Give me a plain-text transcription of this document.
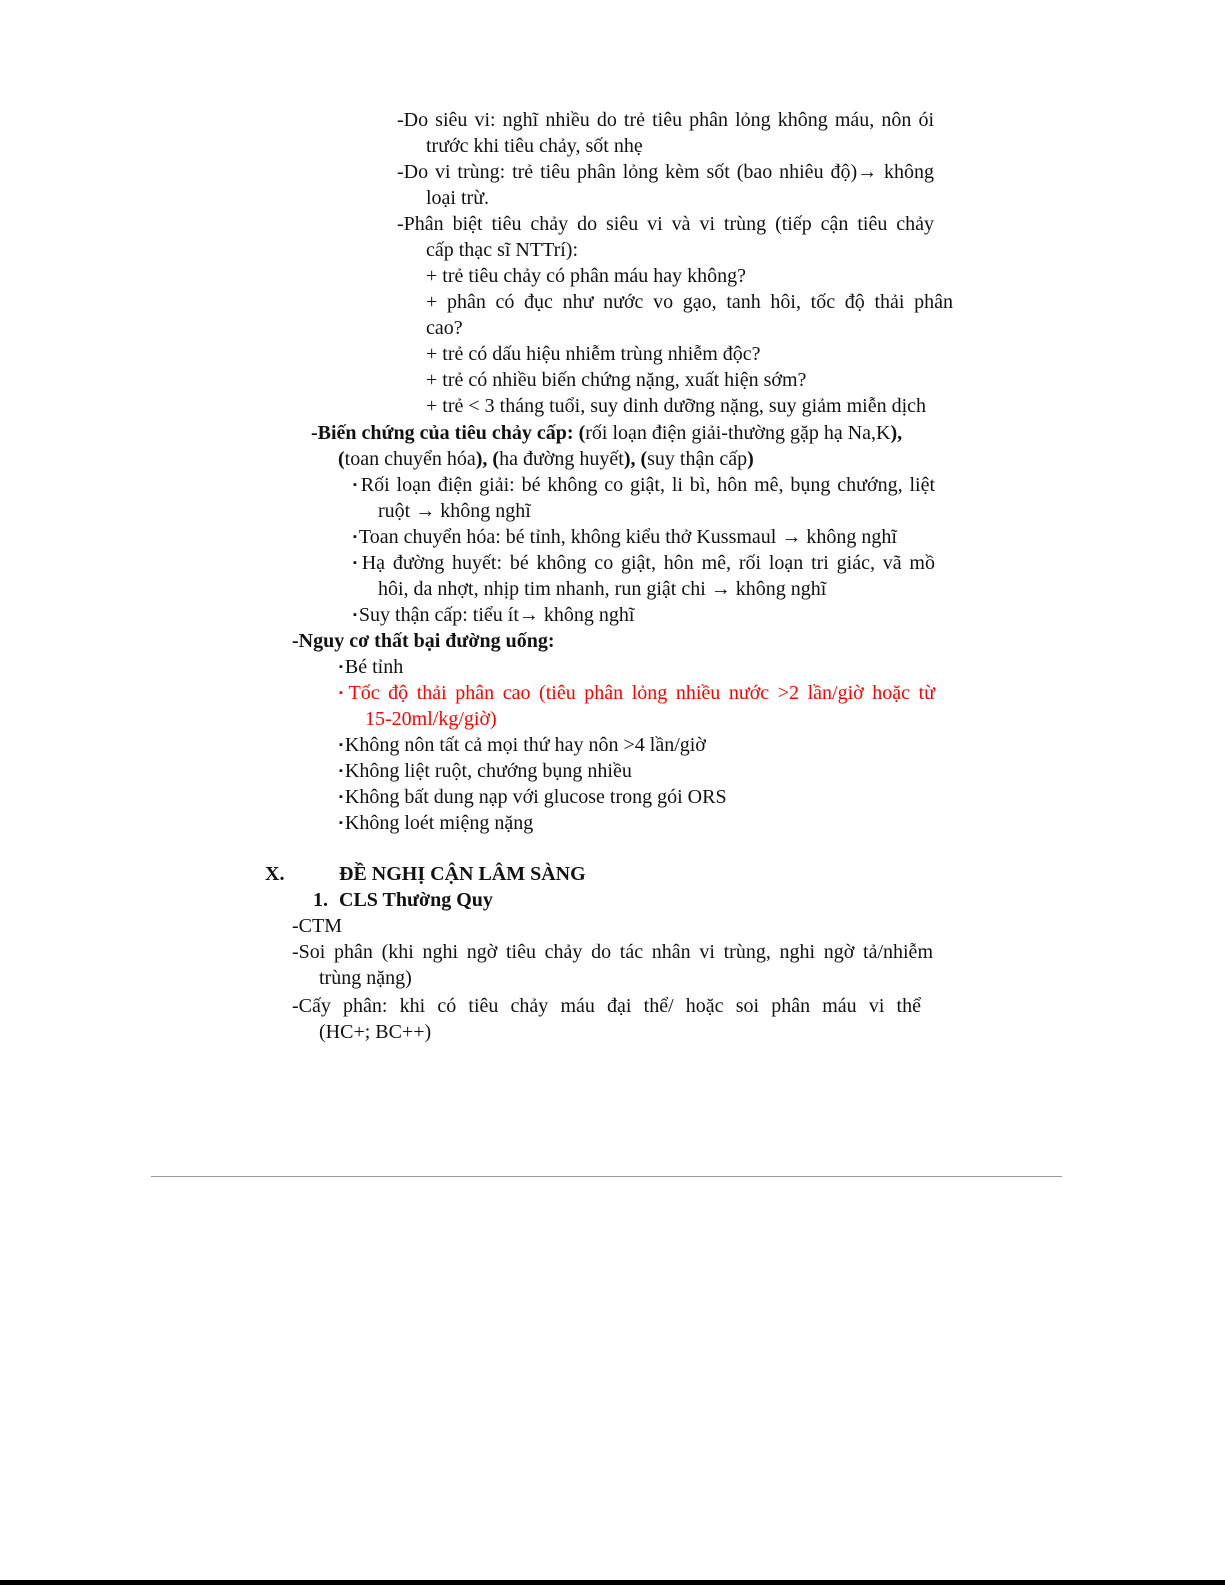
-Do siêu vi: nghĩ nhiều do trẻ tiêu phân lỏng không máu, nôn ói
trước khi tiêu chảy, sốt nhẹ
-Do vi trùng: trẻ tiêu phân lỏng kèm sốt (bao nhiêu độ)→ không
loại trừ.
-Phân biệt tiêu chảy do siêu vi và vi trùng (tiếp cận tiêu chảy
cấp thạc sĩ NTTrí):
+ trẻ tiêu chảy có phân máu hay không?
+ phân có đục như nước vo gạo, tanh hôi, tốc độ thải phân
cao?
+ trẻ có dấu hiệu nhiễm trùng nhiễm độc?
+ trẻ có nhiều biến chứng nặng, xuất hiện sớm?
+ trẻ < 3 tháng tuổi, suy dinh dưỡng nặng, suy giảm miễn dịch
-Biến chứng của tiêu chảy cấp: (rối loạn điện giải-thường gặp hạ Na,K),
(toan chuyển hóa), (ha đường huyết), (suy thận cấp)
▪ Rối loạn điện giải: bé không co giật, li bì, hôn mê, bụng chướng, liệt
ruột → không nghĩ
▪ Toan chuyển hóa: bé tỉnh, không kiểu thở Kussmaul → không nghĩ
▪ Hạ đường huyết: bé không co giật, hôn mê, rối loạn tri giác, vã mồ
hôi, da nhợt, nhịp tim nhanh, run giật chi → không nghĩ
▪ Suy thận cấp: tiểu ít→ không nghĩ
-Nguy cơ thất bại đường uống:
▪ Bé tỉnh
▪ Tốc độ thải phân cao (tiêu phân lỏng nhiều nước >2 lần/giờ hoặc từ
15-20ml/kg/giờ)
▪ Không nôn tất cả mọi thứ hay nôn >4 lần/giờ
▪ Không liệt ruột, chướng bụng nhiều
▪ Không bất dung nạp với glucose trong gói ORS
▪ Không loét miệng nặng
X.	ĐỀ NGHỊ CẬN LÂM SÀNG
1. CLS Thường Quy
-CTM
-Soi phân (khi nghi ngờ tiêu chảy do tác nhân vi trùng, nghi ngờ tả/nhiễm
trùng nặng)
-Cấy phân: khi có tiêu chảy máu đại thể/ hoặc soi phân máu vi thể
(HC+; BC++)
